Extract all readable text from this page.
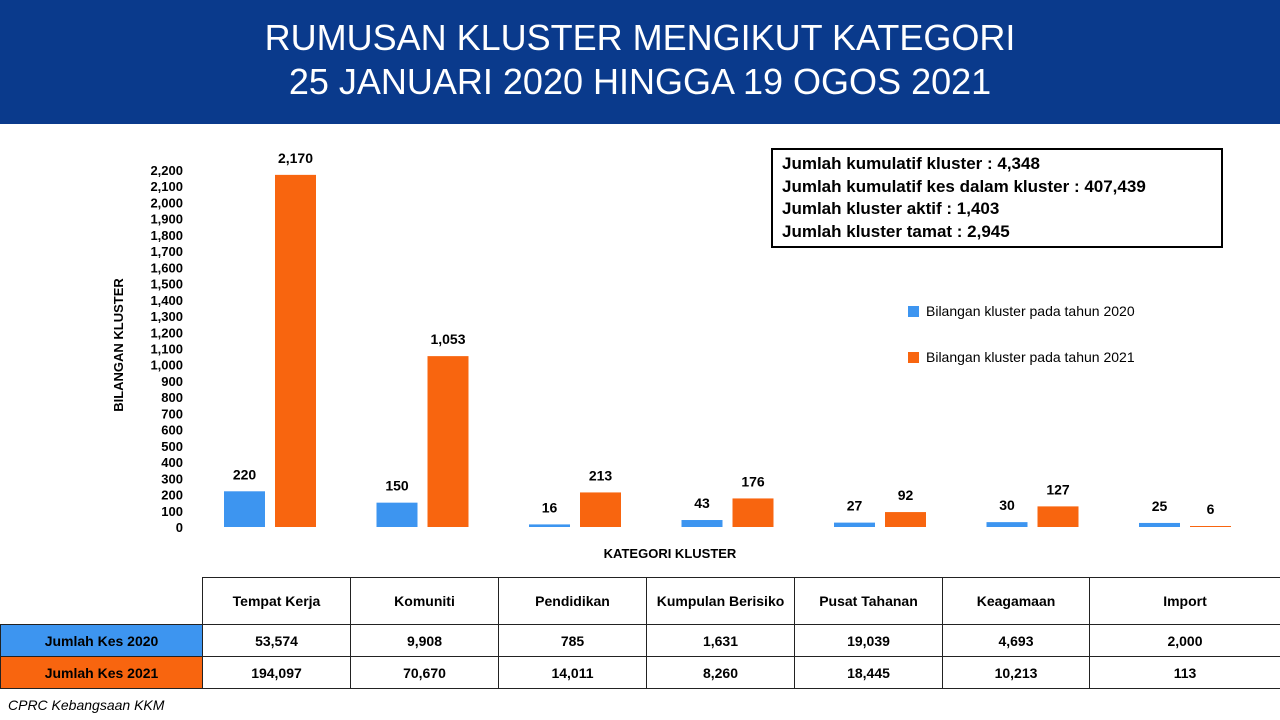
RUMUSAN KLUSTER MENGIKUT KATEGORI
25 JANUARI 2020 HINGGA 19 OGOS 2021
0
100
200
300
400
500
600
700
800
900
1,000
1,100
1,200
1,300
1,400
1,500
1,600
1,700
1,800
1,900
2,000
2,100
2,200
BILANGAN KLUSTER
KATEGORI KLUSTER
220
2,170
150
1,053
16
213
43
176
27
92
30
127
25	6
Jumlah kumulatif kluster : 4,348
Jumlah kumulatif kes dalam kluster : 407,439
Jumlah kluster aktif : 1,403
Jumlah kluster tamat : 2,945
Bilangan kluster pada tahun 2020
Bilangan kluster pada tahun 2021
	Tempat Kerja	Komuniti	Pendidikan	Kumpulan Berisiko	Pusat Tahanan	Keagamaan	Import
Jumlah Kes 2020	53,574	9,908	785	1,631	19,039	4,693	2,000
Jumlah Kes 2021	194,097	70,670	14,011	8,260	18,445	10,213	113
CPRC Kebangsaan KKM
